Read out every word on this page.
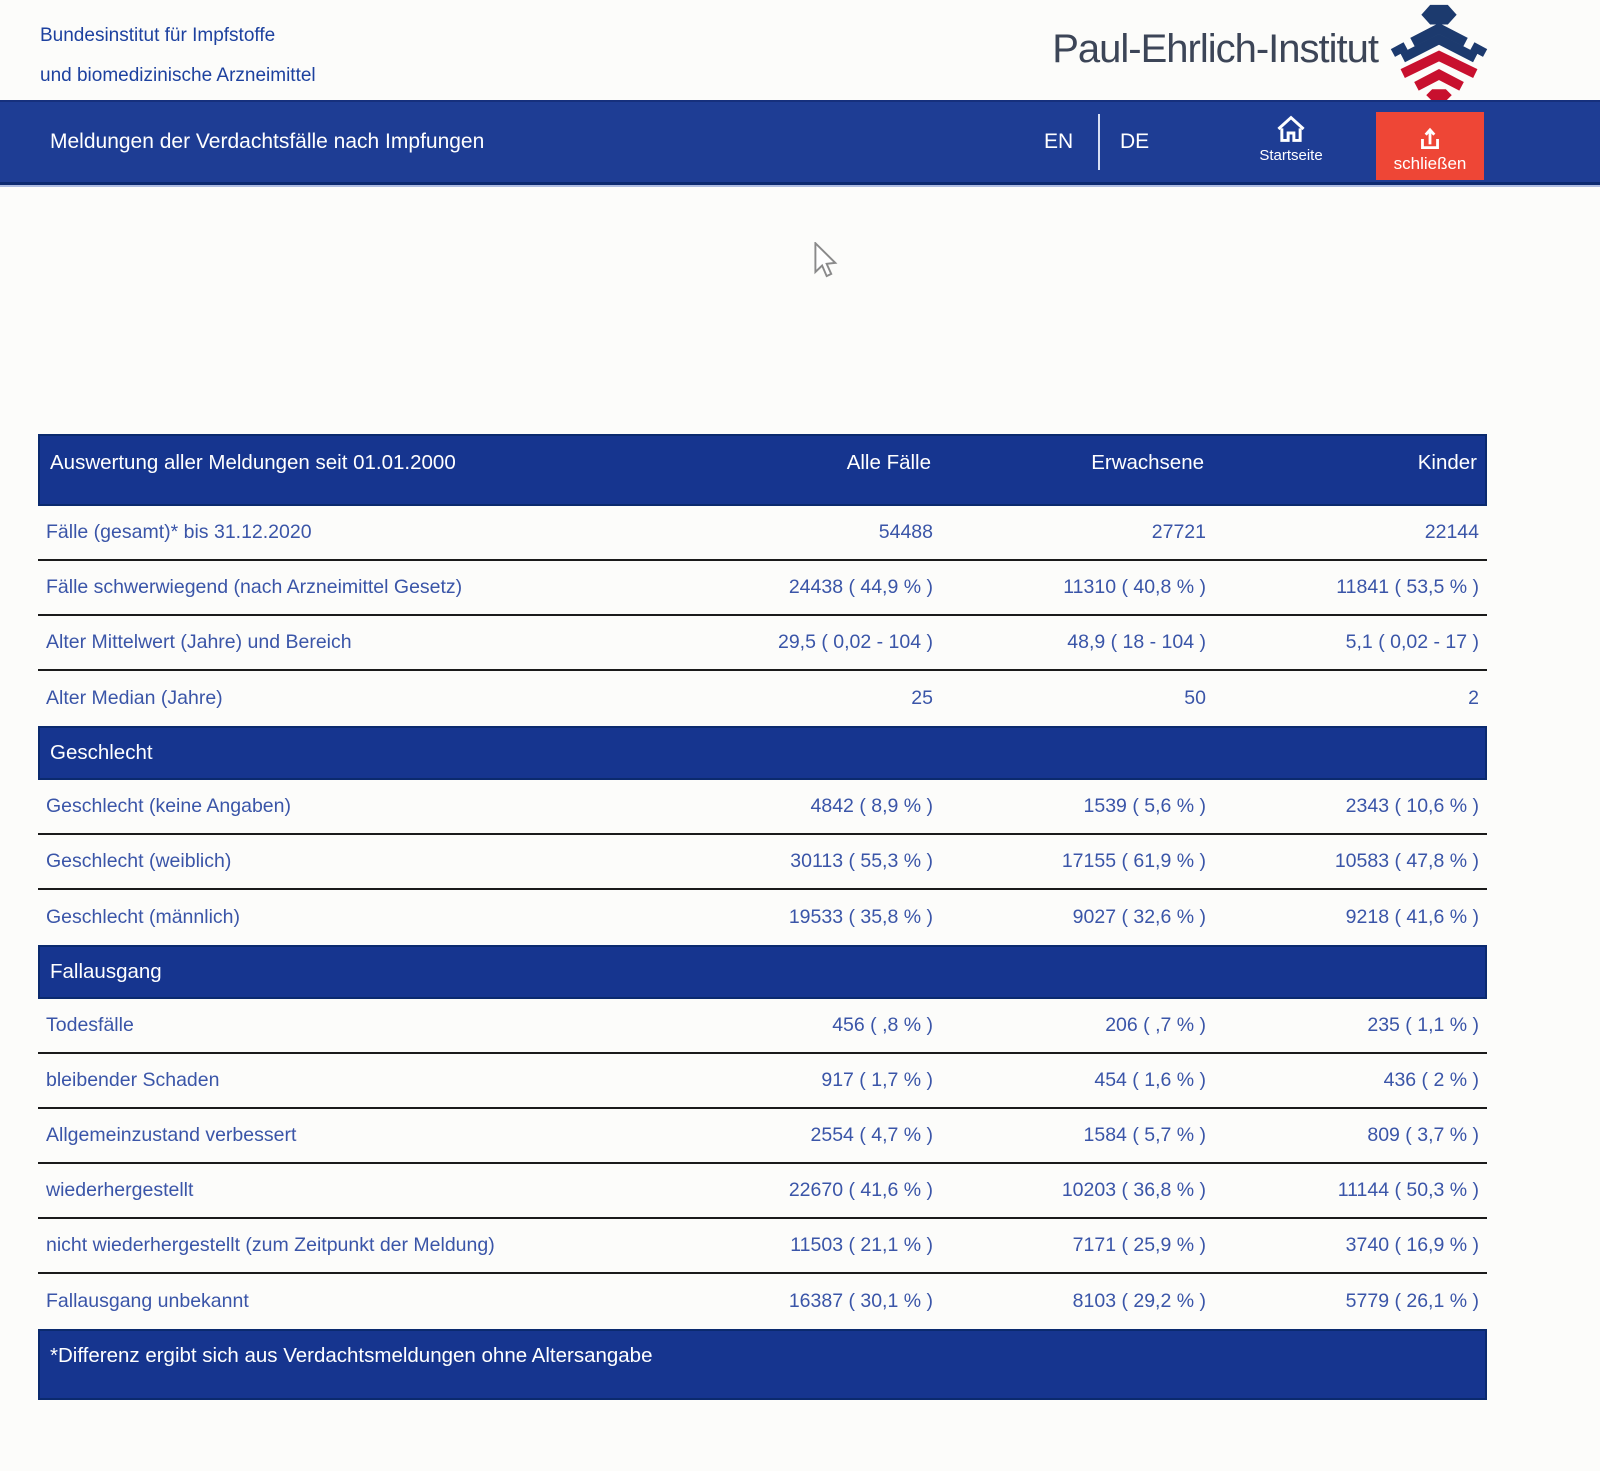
Bundesinstitut für Impfstoffe
und biomedizinische Arzneimittel
Paul-Ehrlich-Institut
Meldungen der Verdachtsfälle nach Impfungen	EN DE
Startseite	schließen
Auswertung aller Meldungen seit 01.01.2000	Alle Fälle	Erwachsene	Kinder
Fälle (gesamt)* bis 31.12.2020	54488	27721	22144
Fälle schwerwiegend (nach Arzneimittel Gesetz)	24438 ( 44,9 % )	11310 ( 40,8 % )	11841 ( 53,5 % )
Alter Mittelwert (Jahre) und Bereich	29,5 ( 0,02 - 104 )	48,9 ( 18 - 104 )	5,1 ( 0,02 - 17 )
Alter Median (Jahre)	25	50	2
Geschlecht
Geschlecht (keine Angaben)	4842 ( 8,9 % )	1539 ( 5,6 % )	2343 ( 10,6 % )
Geschlecht (weiblich)	30113 ( 55,3 % )	17155 ( 61,9 % )	10583 ( 47,8 % )
Geschlecht (männlich)	19533 ( 35,8 % )	9027 ( 32,6 % )	9218 ( 41,6 % )
Fallausgang
Todesfälle	456 ( ,8 % )	206 ( ,7 % )	235 ( 1,1 % )
bleibender Schaden	917 ( 1,7 % )	454 ( 1,6 % )	436 ( 2 % )
Allgemeinzustand verbessert	2554 ( 4,7 % )	1584 ( 5,7 % )	809 ( 3,7 % )
wiederhergestellt	22670 ( 41,6 % )	10203 ( 36,8 % )	11144 ( 50,3 % )
nicht wiederhergestellt (zum Zeitpunkt der Meldung)	11503 ( 21,1 % )	7171 ( 25,9 % )	3740 ( 16,9 % )
Fallausgang unbekannt	16387 ( 30,1 % )	8103 ( 29,2 % )	5779 ( 26,1 % )
*Differenz ergibt sich aus Verdachtsmeldungen ohne Altersangabe
